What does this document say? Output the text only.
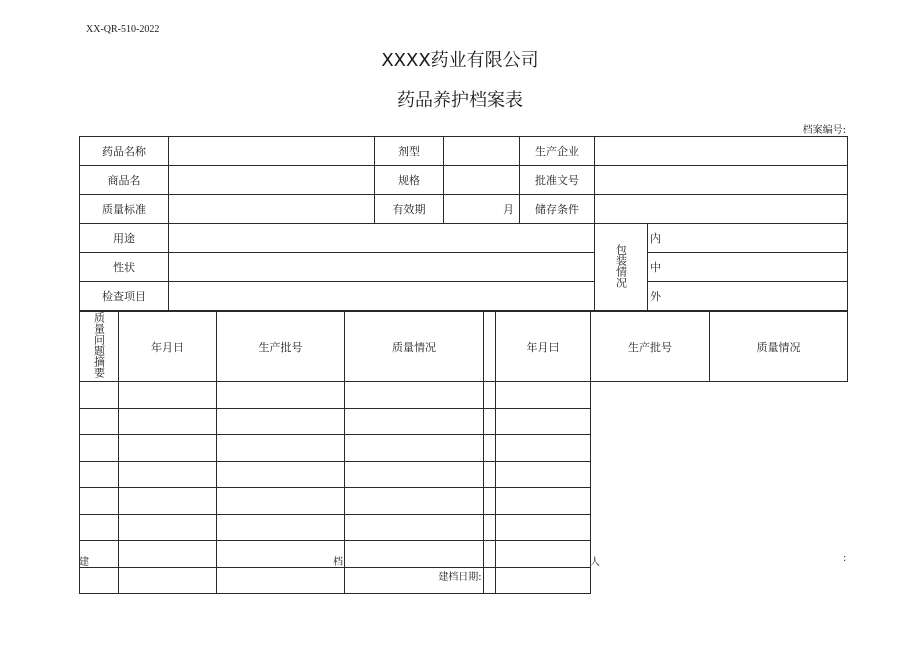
XX-QR-510-2022
XXXX药业有限公司
药品养护档案表
档案编号:
药品名称		剂型		生产企业		
商品名		规格		批准文号		
质量标准		有效期	月	储存条件		
用途					包装情况	内
性状						中
检查项目						外
质量问题摘要	年月日	生产批号	质量情况		年月曰	生产批号	质量情况

建	档	人	:
建档日期:
